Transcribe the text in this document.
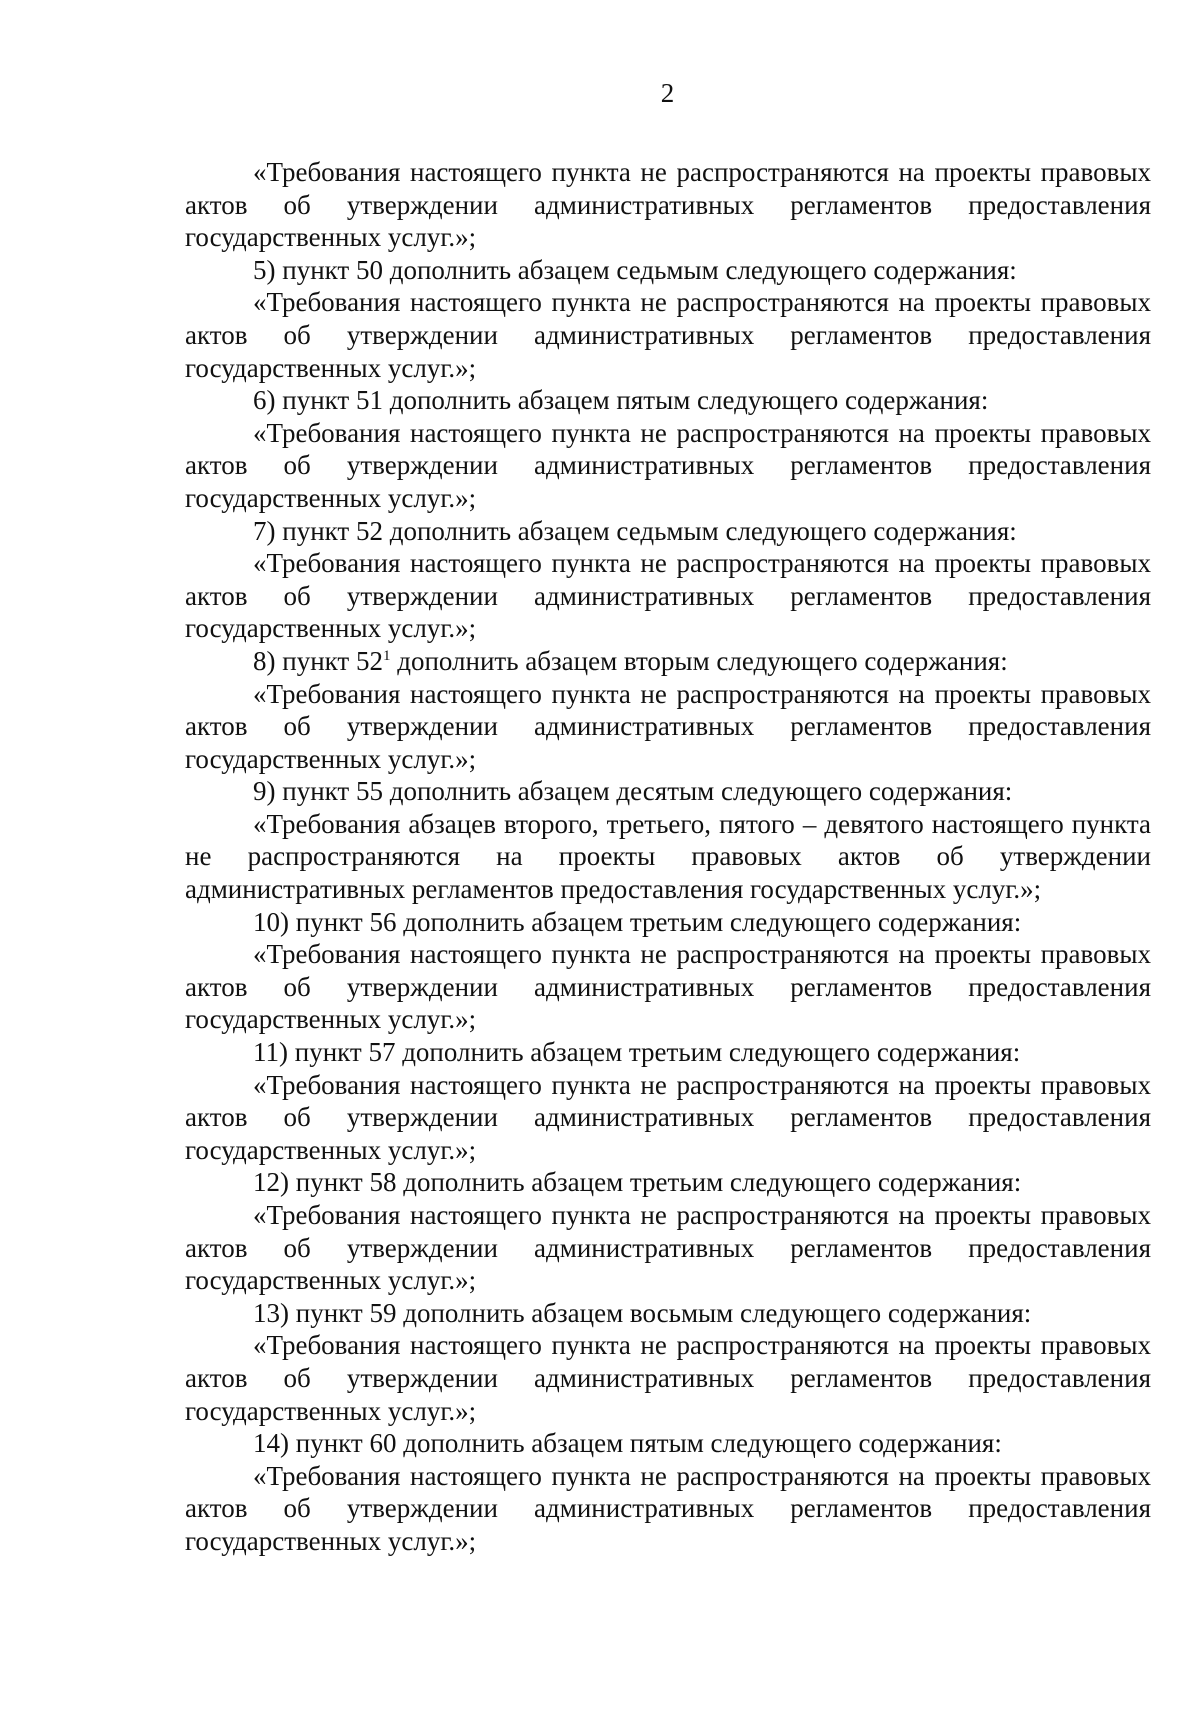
2

«Требования настоящего пункта не распространяются на проекты правовых актов об утверждении административных регламентов предоставления государственных услуг.»;

5) пункт 50 дополнить абзацем седьмым следующего содержания:

«Требования настоящего пункта не распространяются на проекты правовых актов об утверждении административных регламентов предоставления государственных услуг.»;

6) пункт 51 дополнить абзацем пятым следующего содержания:

«Требования настоящего пункта не распространяются на проекты правовых актов об утверждении административных регламентов предоставления государственных услуг.»;

7) пункт 52 дополнить абзацем седьмым следующего содержания:

«Требования настоящего пункта не распространяются на проекты правовых актов об утверждении административных регламентов предоставления государственных услуг.»;

8) пункт $52^1$ дополнить абзацем вторым следующего содержания:

«Требования настоящего пункта не распространяются на проекты правовых актов об утверждении административных регламентов предоставления государственных услуг.»;

9) пункт 55 дополнить абзацем десятым следующего содержания:

«Требования абзацев второго, третьего, пятого – девятого настоящего пункта не распространяются на проекты правовых актов об утверждении административных регламентов предоставления государственных услуг.»;

10) пункт 56 дополнить абзацем третьим следующего содержания:

«Требования настоящего пункта не распространяются на проекты правовых актов об утверждении административных регламентов предоставления государственных услуг.»;

11) пункт 57 дополнить абзацем третьим следующего содержания:

«Требования настоящего пункта не распространяются на проекты правовых актов об утверждении административных регламентов предоставления государственных услуг.»;

12) пункт 58 дополнить абзацем третьим следующего содержания:

«Требования настоящего пункта не распространяются на проекты правовых актов об утверждении административных регламентов предоставления государственных услуг.»;

13) пункт 59 дополнить абзацем восьмым следующего содержания:

«Требования настоящего пункта не распространяются на проекты правовых актов об утверждении административных регламентов предоставления государственных услуг.»;

14) пункт 60 дополнить абзацем пятым следующего содержания:

«Требования настоящего пункта не распространяются на проекты правовых актов об утверждении административных регламентов предоставления государственных услуг.»;
